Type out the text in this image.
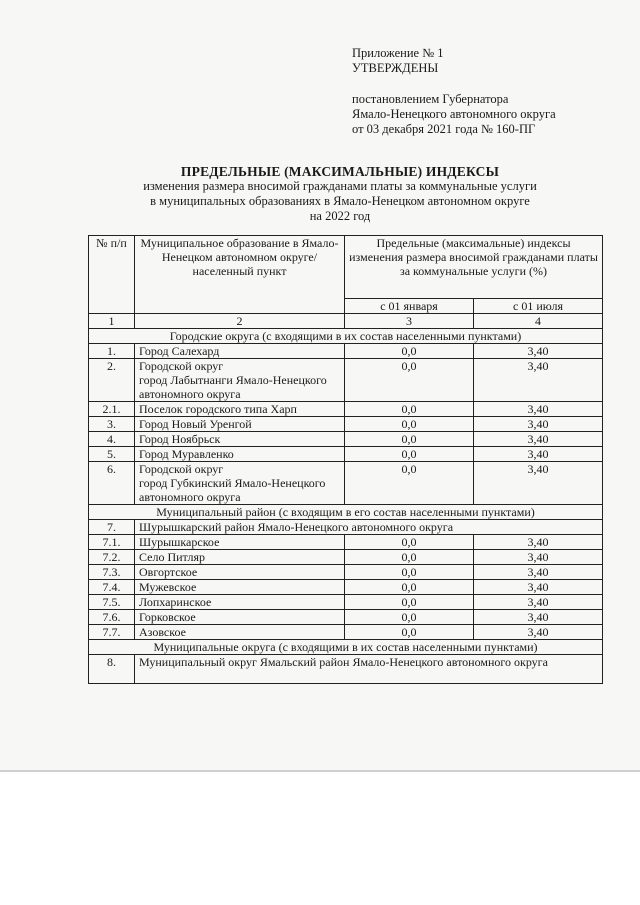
Приложение № 1
УТВЕРЖДЕНЫ
постановлением Губернатора
Ямало-Ненецкого автономного округа
от 03 декабря 2021 года № 160-ПГ
ПРЕДЕЛЬНЫЕ (МАКСИМАЛЬНЫЕ) ИНДЕКСЫ
изменения размера вносимой гражданами платы за коммунальные услуги
в муниципальных образованиях в Ямало-Ненецком автономном округе
на 2022 год
№ п/п	Муниципальное образование в Ямало-Ненецком автономном округе/населенный пункт	Предельные (максимальные) индексы изменения размера вносимой гражданами платы за коммунальные услуги (%)	
		с 01 января	с 01 июля
1	2	3	4
Городские округа (с входящими в их состав населенными пунктами)			
1.	Город Салехард	0,0	3,40
2.	Городской округ
город Лабытнанги Ямало-Ненецкого автономного округа	0,0	3,40
2.1.	Поселок городского типа Харп	0,0	3,40
3.	Город Новый Уренгой	0,0	3,40
4.	Город Ноябрьск	0,0	3,40
5.	Город Муравленко	0,0	3,40
6.	Городской округ
город Губкинский Ямало-Ненецкого автономного округа	0,0	3,40
Муниципальный район (с входящим в его состав населенными пунктами)			
7.	Шурышкарский район Ямало-Ненецкого автономного округа		
7.1.	Шурышкарское	0,0	3,40
7.2.	Село Питляр	0,0	3,40
7.3.	Овгортское	0,0	3,40
7.4.	Мужевское	0,0	3,40
7.5.	Лопхаринское	0,0	3,40
7.6.	Горковское	0,0	3,40
7.7.	Азовское	0,0	3,40
Муниципальные округа (с входящими в их состав населенными пунктами)			
8.	Муниципальный округ Ямальский район Ямало-Ненецкого автономного округа		
